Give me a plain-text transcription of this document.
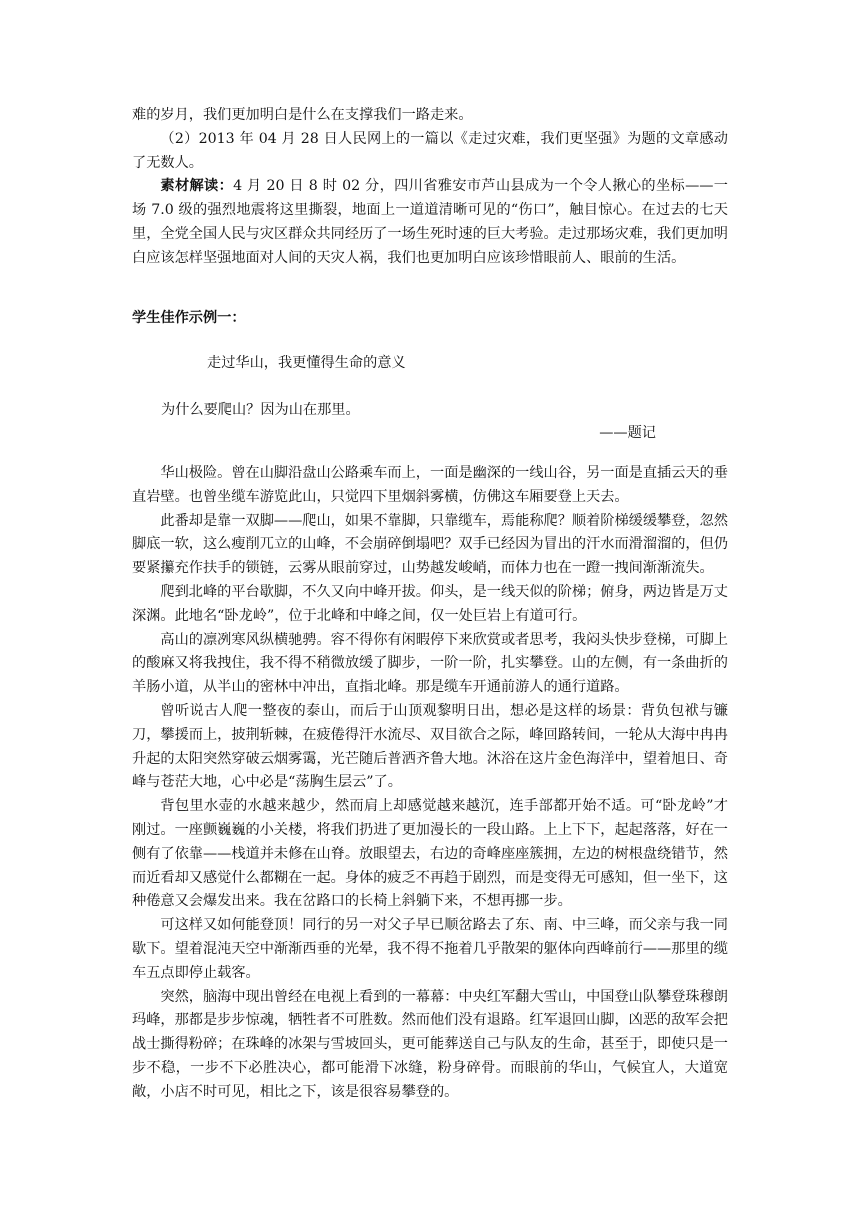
难的岁月，我们更加明白是什么在支撑我们一路走来。

（2）2013 年 04 月 28 日人民网上的一篇以《走过灾难，我们更坚强》为题的文章感动了无数人。

素材解读：4 月 20 日 8 时 02 分，四川省雅安市芦山县成为一个令人揪心的坐标——一场 7.0 级的强烈地震将这里撕裂，地面上一道道清晰可见的“伤口”，触目惊心。在过去的七天里，全党全国人民与灾区群众共同经历了一场生死时速的巨大考验。走过那场灾难，我们更加明白应该怎样坚强地面对人间的天灾人祸，我们也更加明白应该珍惜眼前人、眼前的生活。

学生佳作示例一：

走过华山，我更懂得生命的意义

为什么要爬山？因为山在那里。

——题记

华山极险。曾在山脚沿盘山公路乘车而上，一面是幽深的一线山谷，另一面是直插云天的垂直岩壁。也曾坐缆车游览此山，只觉四下里烟斜雾横，仿佛这车厢要登上天去。

此番却是靠一双脚——爬山，如果不靠脚，只靠缆车，焉能称爬？顺着阶梯缓缓攀登，忽然脚底一软，这么瘦削兀立的山峰，不会崩碎倒塌吧？双手已经因为冒出的汗水而滑溜溜的，但仍要紧攥充作扶手的锁链，云雾从眼前穿过，山势越发峻峭，而体力也在一蹬一拽间渐渐流失。

爬到北峰的平台歇脚，不久又向中峰开拔。仰头，是一线天似的阶梯；俯身，两边皆是万丈深渊。此地名“卧龙岭”，位于北峰和中峰之间，仅一处巨岩上有道可行。

高山的凛冽寒风纵横驰骋。容不得你有闲暇停下来欣赏或者思考，我闷头快步登梯，可脚上的酸麻又将我拽住，我不得不稍微放缓了脚步，一阶一阶，扎实攀登。山的左侧，有一条曲折的羊肠小道，从半山的密林中冲出，直指北峰。那是缆车开通前游人的通行道路。

曾听说古人爬一整夜的泰山，而后于山顶观黎明日出，想必是这样的场景：背负包袱与镰刀，攀援而上，披荆斩棘，在疲倦得汗水流尽、双目欲合之际，峰回路转间，一轮从大海中冉冉升起的太阳突然穿破云烟雾霭，光芒随后普洒齐鲁大地。沐浴在这片金色海洋中，望着旭日、奇峰与苍茫大地，心中必是“荡胸生层云”了。

背包里水壶的水越来越少，然而肩上却感觉越来越沉，连手部都开始不适。可“卧龙岭”才刚过。一座颤巍巍的小关楼，将我们扔进了更加漫长的一段山路。上上下下，起起落落，好在一侧有了依靠——栈道并未修在山脊。放眼望去，右边的奇峰座座簇拥，左边的树根盘绕错节，然而近看却又感觉什么都糊在一起。身体的疲乏不再趋于剧烈，而是变得无可感知，但一坐下，这种倦意又会爆发出来。我在岔路口的长椅上斜躺下来，不想再挪一步。

可这样又如何能登顶！同行的另一对父子早已顺岔路去了东、南、中三峰，而父亲与我一同歇下。望着混沌天空中渐渐西垂的光晕，我不得不拖着几乎散架的躯体向西峰前行——那里的缆车五点即停止载客。

突然，脑海中现出曾经在电视上看到的一幕幕：中央红军翻大雪山，中国登山队攀登珠穆朗玛峰，那都是步步惊魂，牺牲者不可胜数。然而他们没有退路。红军退回山脚，凶恶的敌军会把战士撕得粉碎；在珠峰的冰架与雪坡回头，更可能葬送自己与队友的生命，甚至于，即使只是一步不稳，一步不下必胜决心，都可能滑下冰缝，粉身碎骨。而眼前的华山，气候宜人，大道宽敞，小店不时可见，相比之下，该是很容易攀登的。
